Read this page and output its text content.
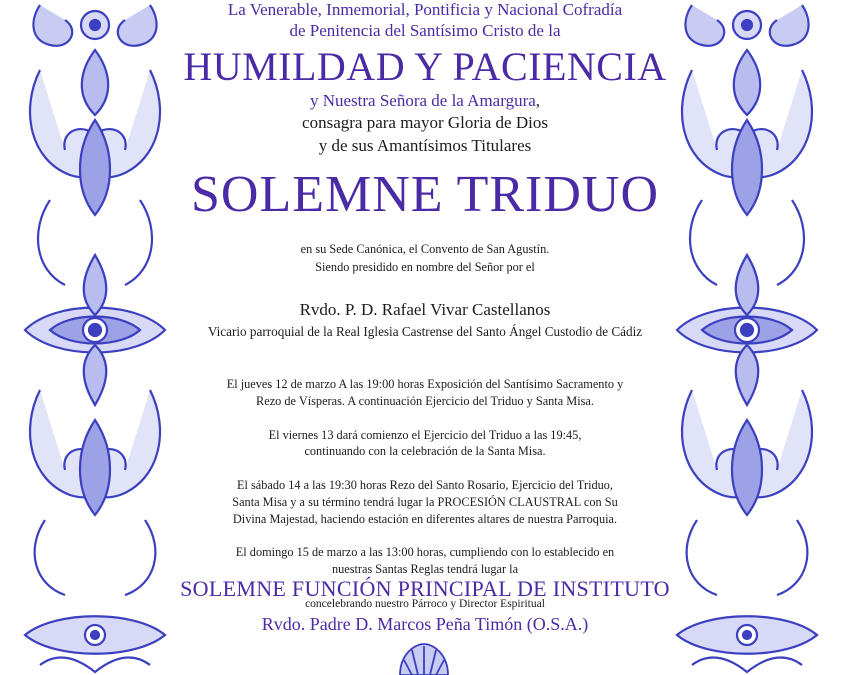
La Venerable, Inmemorial, Pontificia y Nacional Cofradía
de Penitencia del Santísimo Cristo de la
HUMILDAD Y PACIENCIA
y Nuestra Señora de la Amargura,
consagra para mayor Gloria de Dios
y de sus Amantísimos Titulares
SOLEMNE TRIDUO
en su Sede Canónica, el Convento de San Agustín.
Siendo presidido en nombre del Señor por el
Rvdo. P. D. Rafael Vivar Castellanos
Vicario parroquial de la Real Iglesia Castrense del Santo Ángel Custodio de Cádiz
El jueves 12 de marzo A las 19:00 horas Exposición del Santísimo Sacramento y
Rezo de Vísperas. A continuación Ejercicio del Triduo y Santa Misa.
El viernes 13 dará comienzo el Ejercicio del Triduo a las 19:45,
continuando con la celebración de la Santa Misa.
El sábado 14 a las 19:30 horas Rezo del Santo Rosario, Ejercicio del Triduo,
Santa Misa y a su término tendrá lugar la PROCESIÓN CLAUSTRAL con Su
Divina Majestad, haciendo estación en diferentes altares de nuestra Parroquia.
El domingo 15 de marzo a las 13:00 horas, cumpliendo con lo establecido en
nuestras Santas Reglas tendrá lugar la
SOLEMNE FUNCIÓN PRINCIPAL DE INSTITUTO
concelebrando nuestro Párroco y Director Espiritual
Rvdo. Padre D. Marcos Peña Timón (O.S.A.)
